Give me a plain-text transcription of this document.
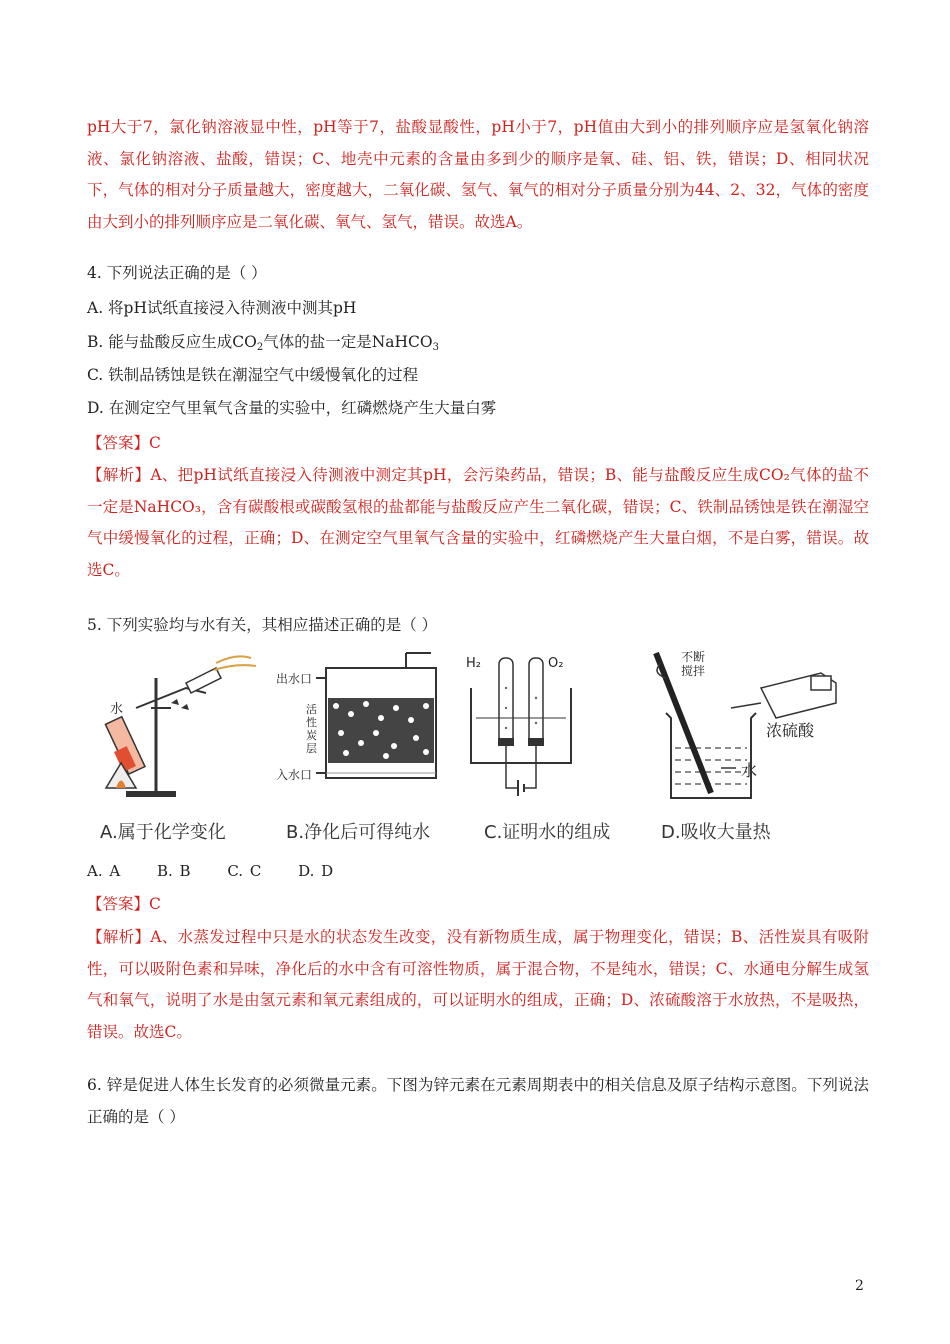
pH大于7，氯化钠溶液显中性，pH等于7，盐酸显酸性，pH小于7，pH值由大到小的排列顺序应是氢氧化钠溶液、氯化钠溶液、盐酸，错误；C、地壳中元素的含量由多到少的顺序是氧、硅、铝、铁，错误；D、相同状况下，气体的相对分子质量越大，密度越大，二氧化碳、氢气、氧气的相对分子质量分别为44、2、32，气体的密度由大到小的排列顺序应是二氧化碳、氧气、氢气，错误。故选A。
4. 下列说法正确的是（ ）
A. 将pH试纸直接浸入待测液中测其pH
B. 能与盐酸反应生成$CO_2$气体的盐一定是NaHCO$_3$
C. 铁制品锈蚀是铁在潮湿空气中缓慢氧化的过程
D. 在测定空气里氧气含量的实验中，红磷燃烧产生大量白雾
【答案】C
【解析】A、把pH试纸直接浸入待测液中测定其pH，会污染药品，错误；B、能与盐酸反应生成CO₂气体的盐不一定是NaHCO₃，含有碳酸根或碳酸氢根的盐都能与盐酸反应产生二氧化碳，错误；C、铁制品锈蚀是铁在潮湿空气中缓慢氧化的过程，正确；D、在测定空气里氧气含量的实验中，红磷燃烧产生大量白烟，不是白雾，错误。故选C。
5. 下列实验均与水有关，其相应描述正确的是（ ）
水
A.属于化学变化
出水口
入水口
活性炭层
B.净化后可得纯水
H₂	O₂
C.证明水的组成
不断搅拌
浓硫酸
水
D.吸收大量热
A. A B. B C. C D. D
【答案】C
【解析】A、水蒸发过程中只是水的状态发生改变，没有新物质生成，属于物理变化，错误；B、活性炭具有吸附性，可以吸附色素和异味，净化后的水中含有可溶性物质，属于混合物，不是纯水，错误；C、水通电分解生成氢气和氧气，说明了水是由氢元素和氧元素组成的，可以证明水的组成，正确；D、浓硫酸溶于水放热，不是吸热，错误。故选C。
6. 锌是促进人体生长发育的必须微量元素。下图为锌元素在元素周期表中的相关信息及原子结构示意图。下列说法正确的是（ ）
2
